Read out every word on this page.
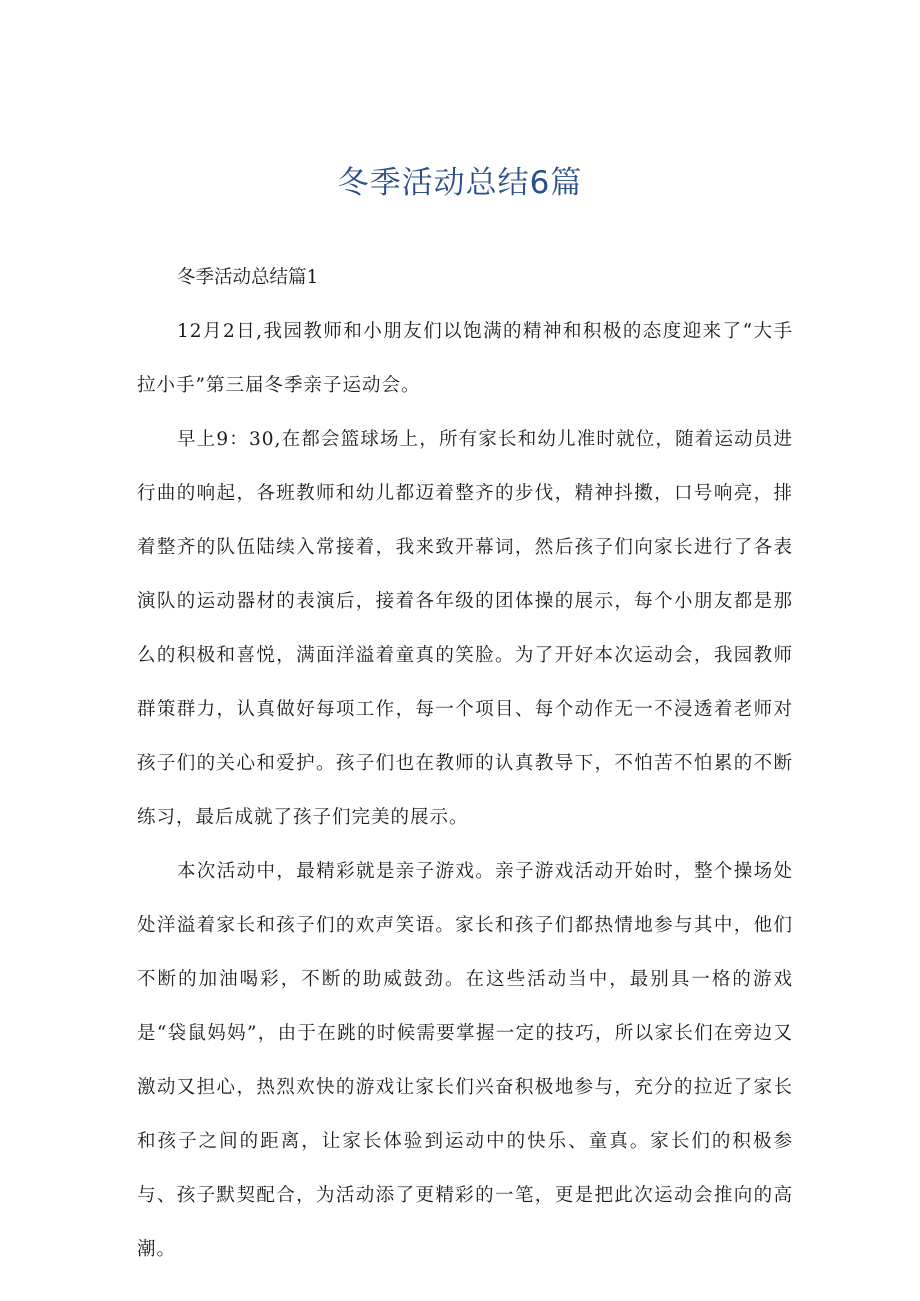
冬季活动总结6篇
冬季活动总结篇1

12月2日,我园教师和小朋友们以饱满的精神和积极的态度迎来了“大手拉小手”第三届冬季亲子运动会。

早上9：30,在都会篮球场上，所有家长和幼儿准时就位，随着运动员进行曲的响起，各班教师和幼儿都迈着整齐的步伐，精神抖擞，口号响亮，排着整齐的队伍陆续入常接着，我来致开幕词，然后孩子们向家长进行了各表演队的运动器材的表演后，接着各年级的团体操的展示，每个小朋友都是那么的积极和喜悦，满面洋溢着童真的笑脸。为了开好本次运动会，我园教师群策群力，认真做好每项工作，每一个项目、每个动作无一不浸透着老师对孩子们的关心和爱护。孩子们也在教师的认真教导下，不怕苦不怕累的不断练习，最后成就了孩子们完美的展示。

本次活动中，最精彩就是亲子游戏。亲子游戏活动开始时，整个操场处处洋溢着家长和孩子们的欢声笑语。家长和孩子们都热情地参与其中，他们不断的加油喝彩，不断的助威鼓劲。在这些活动当中，最别具一格的游戏是“袋鼠妈妈”，由于在跳的时候需要掌握一定的技巧，所以家长们在旁边又激动又担心，热烈欢快的游戏让家长们兴奋积极地参与，充分的拉近了家长和孩子之间的距离，让家长体验到运动中的快乐、童真。家长们的积极参与、孩子默契配合，为活动添了更精彩的一笔，更是把此次运动会推向的高潮。
